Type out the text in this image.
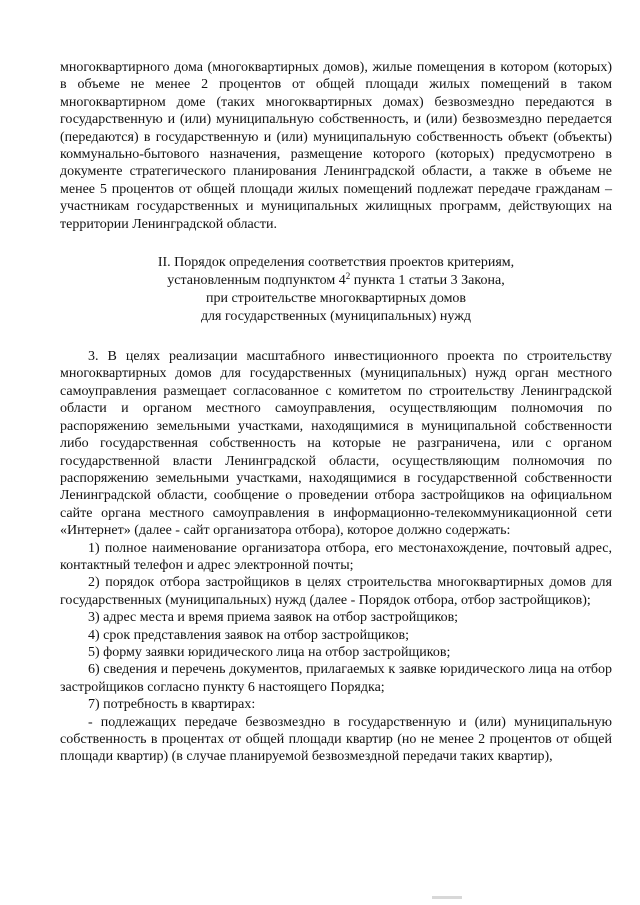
многоквартирного дома (многоквартирных домов), жилые помещения в котором (которых) в объеме не менее 2 процентов от общей площади жилых помещений в таком многоквартирном доме (таких многоквартирных домах) безвозмездно передаются в государственную и (или) муниципальную собственность, и (или) безвозмездно передается (передаются) в государственную и (или) муниципальную собственность объект (объекты) коммунально-бытового назначения, размещение которого (которых) предусмотрено в документе стратегического планирования Ленинградской области, а также в объеме не менее 5 процентов от общей площади жилых помещений подлежат передаче гражданам – участникам государственных и муниципальных жилищных программ, действующих на территории Ленинградской области.

II. Порядок определения соответствия проектов критериям,
установленным подпунктом $4^2$ пункта 1 статьи 3 Закона,
при строительстве многоквартирных домов
для государственных (муниципальных) нужд

3. В целях реализации масштабного инвестиционного проекта по строительству многоквартирных домов для государственных (муниципальных) нужд орган местного самоуправления размещает согласованное с комитетом по строительству Ленинградской области и органом местного самоуправления, осуществляющим полномочия по распоряжению земельными участками, находящимися в муниципальной собственности либо государственная собственность на которые не разграничена, или с органом государственной власти Ленинградской области, осуществляющим полномочия по распоряжению земельными участками, находящимися в государственной собственности Ленинградской области, сообщение о проведении отбора застройщиков на официальном сайте органа местного самоуправления в информационно-телекоммуникационной сети «Интернет» (далее - сайт организатора отбора), которое должно содержать:

1) полное наименование организатора отбора, его местонахождение, почтовый адрес, контактный телефон и адрес электронной почты;

2) порядок отбора застройщиков в целях строительства многоквартирных домов для государственных (муниципальных) нужд (далее - Порядок отбора, отбор застройщиков);

3) адрес места и время приема заявок на отбор застройщиков;

4) срок представления заявок на отбор застройщиков;

5) форму заявки юридического лица на отбор застройщиков;

6) сведения и перечень документов, прилагаемых к заявке юридического лица на отбор застройщиков согласно пункту 6 настоящего Порядка;

7) потребность в квартирах:

- подлежащих передаче безвозмездно в государственную и (или) муниципальную собственность в процентах от общей площади квартир (но не менее 2 процентов от общей площади квартир) (в случае планируемой безвозмездной передачи таких квартир),
